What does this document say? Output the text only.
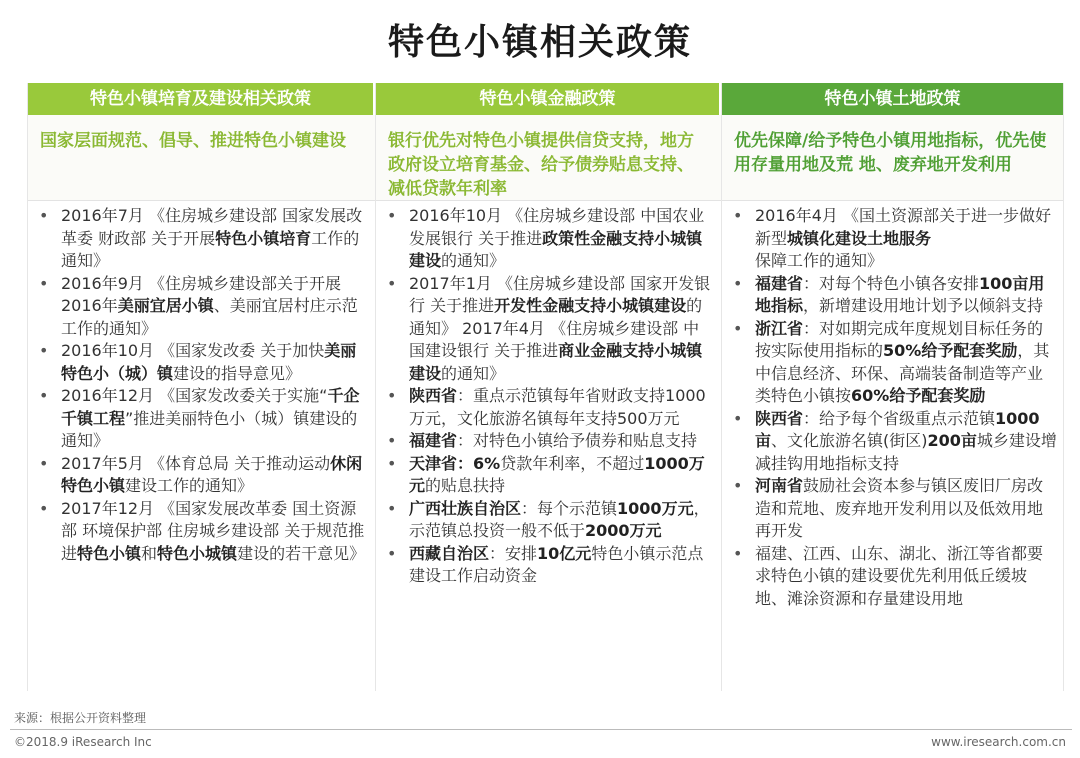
特色小镇相关政策
特色小镇培育及建设相关政策
国家层面规范、倡导、推进特色小镇建设
• 2016年7月 《住房城乡建设部 国家发展改革委 财政部 关于开展特色小镇培育工作的通知》
• 2016年9月 《住房城乡建设部关于开展2016年美丽宜居小镇、美丽宜居村庄示范工作的通知》
• 2016年10月 《国家发改委 关于加快美丽特色小（城）镇建设的指导意见》
• 2016年12月 《国家发改委关于实施“千企千镇工程”推进美丽特色小（城）镇建设的通知》
• 2017年5月 《体育总局 关于推动运动休闲特色小镇建设工作的通知》
• 2017年12月 《国家发展改革委 国土资源部 环境保护部 住房城乡建设部 关于规范推进特色小镇和特色小城镇建设的若干意见》
特色小镇金融政策
银行优先对特色小镇提供信贷支持，地方政府设立培育基金、给予债券贴息支持、减低贷款年利率
• 2016年10月 《住房城乡建设部 中国农业发展银行 关于推进政策性金融支持小城镇建设的通知》
• 2017年1月 《住房城乡建设部 国家开发银行 关于推进开发性金融支持小城镇建设的通知》 2017年4月 《住房城乡建设部 中国建设银行 关于推进商业金融支持小城镇建设的通知》
• 陕西省：重点示范镇每年省财政支持1000万元，文化旅游名镇每年支持500万元
• 福建省：对特色小镇给予债券和贴息支持
• 天津省：6%贷款年利率，不超过1000万元的贴息扶持
• 广西壮族自治区：每个示范镇1000万元，示范镇总投资一般不低于2000万元
• 西藏自治区：安排10亿元特色小镇示范点建设工作启动资金
特色小镇土地政策
优先保障/给予特色小镇用地指标，优先使用存量用地及荒 地、废弃地开发利用
• 2016年4月 《国土资源部关于进一步做好新型城镇化建设土地服务保障工作的通知》
• 福建省：对每个特色小镇各安排100亩用地指标，新增建设用地计划予以倾斜支持
• 浙江省：对如期完成年度规划目标任务的按实际使用指标的50%给予配套奖励，其中信息经济、环保、高端装备制造等产业类特色小镇按60%给予配套奖励
• 陕西省：给予每个省级重点示范镇1000亩、文化旅游名镇(街区)200亩城乡建设增减挂钩用地指标支持
• 河南省鼓励社会资本参与镇区废旧厂房改造和荒地、废弃地开发利用以及低效用地再开发
• 福建、江西、山东、湖北、浙江等省都要求特色小镇的建设要优先利用低丘缓坡地、滩涂资源和存量建设用地
来源：根据公开资料整理
©2018.9 iResearch Inc	www.iresearch.com.cn
